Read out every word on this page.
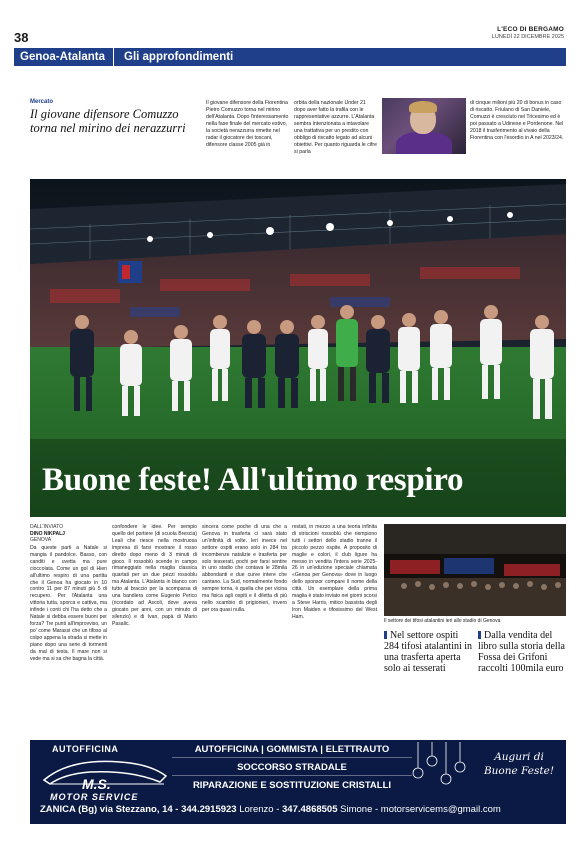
38
L'ECO DI BERGAMO
LUNEDÌ 22 DICEMBRE 2025
Genoa-Atalanta	Gli approfondimenti
Mercato
Il giovane difensore Comuzzo torna nel mirino dei nerazzurri
Il giovane difensore della Fiorentina Pietro Comuzzo torna nel mirino dell'Atalanta. Dopo l'interessamento nella fase finale del mercato estivo, la società nerazzurra rimette nel radar il giocatore dei toscani, difensore classe 2005 già in
orbita della nazionale Under 21 dopo aver fatto la trafila con le rappresentative azzurre. L'Atalanta sembra intenzionata a intavolare una trattativa per un prestito con obbligo di riscatto legato ad alcuni obiettivi. Per quanto riguarda le cifre si parla
di cinque milioni più 20 di bonus in caso di riscatto. Friulano di San Daniele, Comuzzi è cresciuto nel Tricesimo ed è poi passato a Udinese e Pordenone. Nel 2018 il trasferimento al vivaio della Fiorentina con l'esordio in A nel 2023/24.
Buone feste! All'ultimo respiro
DALL'INVIATO
DINO NIKPALJ
GENOVA
Da queste parti a Natale si mangia il pandolce. Basso, con canditi e uvetta ma pure cioccolata. Come un gol di Hien all'ultimo respiro di una partita che il Genoa ha giocato in 10 contro 11 per 87 minuti più 5 di recupero. Per l'Atalanta una vittoria tutta, sporca e cattiva, ma infinde i conti chi l'ha detto che a Natale si debba essere buoni per forza? Tre punti all'improvviso, un po' come Marassi che un tifoso al colpo appena la strada si mette in piano dopo una serie di tormenti da mal di testa. Il mare non si vede ma si sa che bagna la città.
confondere le idee. Per sempio quello del portiere (di scuola Brescia) Leali che riesce nella mostruosa impresa di farsi mostrare il rosso diretto dopo meno di 3 minuti di gioco. Il rossoblù scende in campo rimaneggiato nella maglia classica quartati per un due pezzi rossoblu ma Atalanta. L'Atalanta in bianco con tutto al braccio per la scomparsa di una bandiera come Eugenio Perico (ricordato ad Ascoli, dove aveva giocato per anni, con un minuto di silenzio) e di Ivan, papà di Mario Pasalic.
sincera come poche di una che a Genova in trasferta ci sarà stato un'infinità di volte. Ieri invece nel settore ospiti erano solo in 284 tra incombenze natalizie e trasferta per solo tesserati, pochi per farsi sentire in uno stadio che contava le 28mila abbondanti e due curve intere che cantano. La Sud, normalmente fondo sempre torna, è quella che per vicina ma fisica agli ospiti e il diletta di più nello scambio di prigionieri, invero per ora quasi nulla.
restati, in mezzo a una teoria infinita di striscioni rossoblù che riempiono tutti i settori dello stadio tranne il piccolo pezzo ospite. A proposito di maglie e colori, il club ligure ha messo in vendita l'intera serie 2025-26 in un'edizione speciale chiamata «Genoa per Genova» dove in luogo dello sponsor compare il nome della città. Un esemplare della prima maglia è stato inviato nei giorni scorsi a Steve Harris, mitico bassista degli Iron Maiden e tifosissimo del West Ham.
Il settore dei tifosi atalantini ieri allo stadio di Genova
Nel settore ospiti 284 tifosi atalantini in una trasferta aperta solo ai tesserati
Dalla vendita del libro sulla storia della Fossa dei Grifoni raccolti 100mila euro
AUTOFFICINA
M.S.
MOTOR SERVICE
AUTOFFICINA | GOMMISTA | ELETTRAUTO
SOCCORSO STRADALE
RIPARAZIONE E SOSTITUZIONE CRISTALLI
ZANICA (Bg) via Stezzano, 14 - 344.2915923 Lorenzo - 347.4868505 Simone - motorservicems@gmail.com
Auguri di
Buone Feste!
